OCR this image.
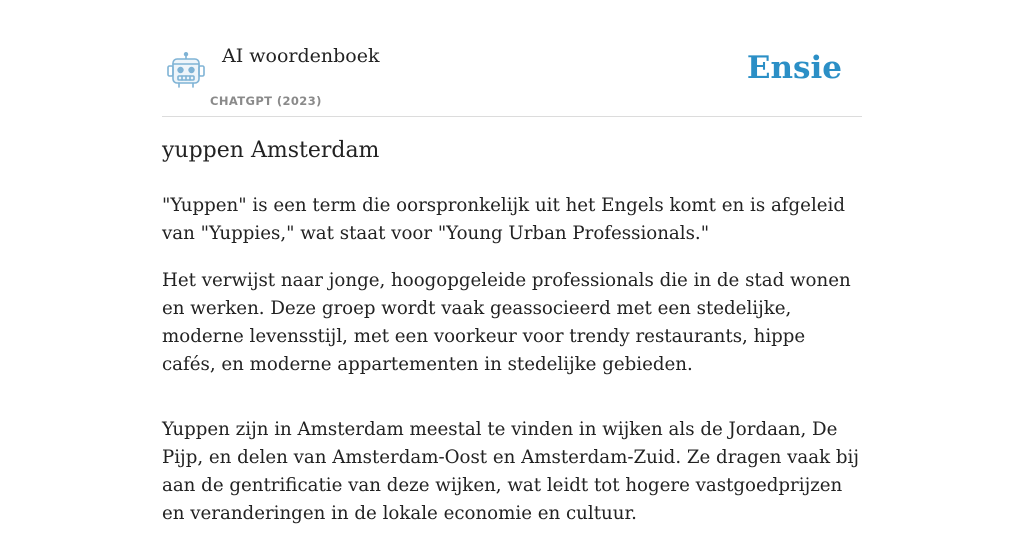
AI woordenboek
CHATGPT (2023)
Ensie
yuppen Amsterdam

"Yuppen" is een term die oorspronkelijk uit het Engels komt en is afgeleid van "Yuppies," wat staat voor "Young Urban Professionals."

Het verwijst naar jonge, hoogopgeleide professionals die in de stad wonen en werken. Deze groep wordt vaak geassocieerd met een stedelijke, moderne levensstijl, met een voorkeur voor trendy restaurants, hippe cafés, en moderne appartementen in stedelijke gebieden.

Yuppen zijn in Amsterdam meestal te vinden in wijken als de Jordaan, De Pijp, en delen van Amsterdam-Oost en Amsterdam-Zuid. Ze dragen vaak bij aan de gentrificatie van deze wijken, wat leidt tot hogere vastgoedprijzen en veranderingen in de lokale economie en cultuur.
